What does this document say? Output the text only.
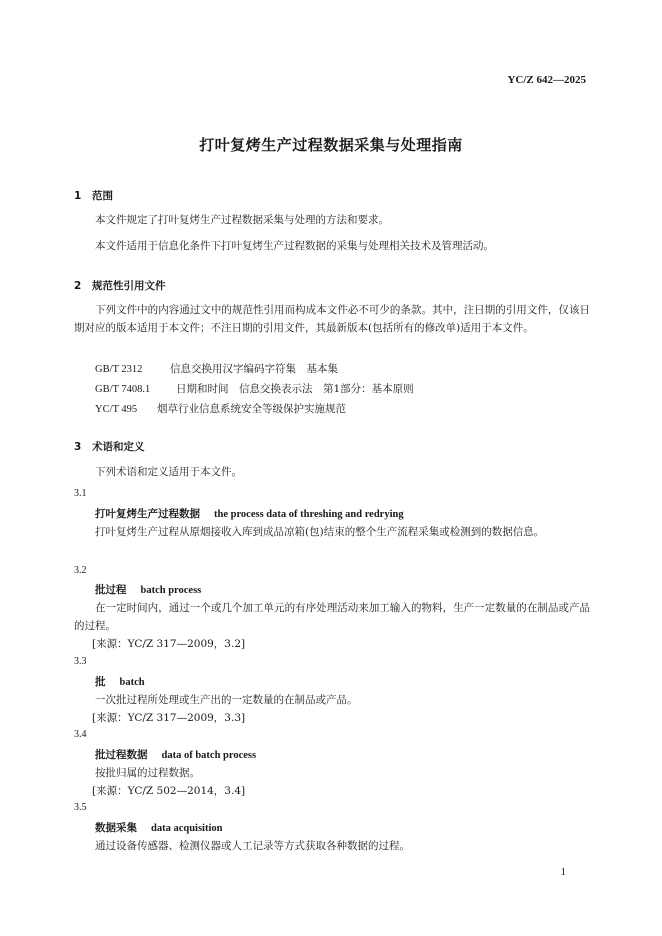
YC/Z 642—2025
打叶复烤生产过程数据采集与处理指南
1 范围
本文件规定了打叶复烤生产过程数据采集与处理的方法和要求。
本文件适用于信息化条件下打叶复烤生产过程数据的采集与处理相关技术及管理活动。
2 规范性引用文件
下列文件中的内容通过文中的规范性引用而构成本文件必不可少的条款。其中，注日期的引用文件，仅该日期对应的版本适用于本文件；不注日期的引用文件，其最新版本(包括所有的修改单)适用于本文件。
GB/T 2312	信息交换用汉字编码字符集　基本集
GB/T 7408.1 日期和时间　信息交换表示法　第1部分：基本原则
YC/T 495 烟草行业信息系统安全等级保护实施规范
3 术语和定义
下列术语和定义适用于本文件。
3.1
打叶复烤生产过程数据 the process data of threshing and redrying
打叶复烤生产过程从原烟接收入库到成品凉箱(包)结束的整个生产流程采集或检测到的数据信息。
3.2
批过程 batch process
在一定时间内，通过一个或几个加工单元的有序处理活动来加工输入的物料，生产一定数量的在制品或产品的过程。
[来源：YC/Z 317—2009，3.2]
3.3
批 batch
一次批过程所处理或生产出的一定数量的在制品或产品。
[来源：YC/Z 317—2009，3.3]
3.4
批过程数据 data of batch process
按批归属的过程数据。
[来源：YC/Z 502—2014，3.4]
3.5
数据采集 data acquisition
通过设备传感器、检测仪器或人工记录等方式获取各种数据的过程。
1
